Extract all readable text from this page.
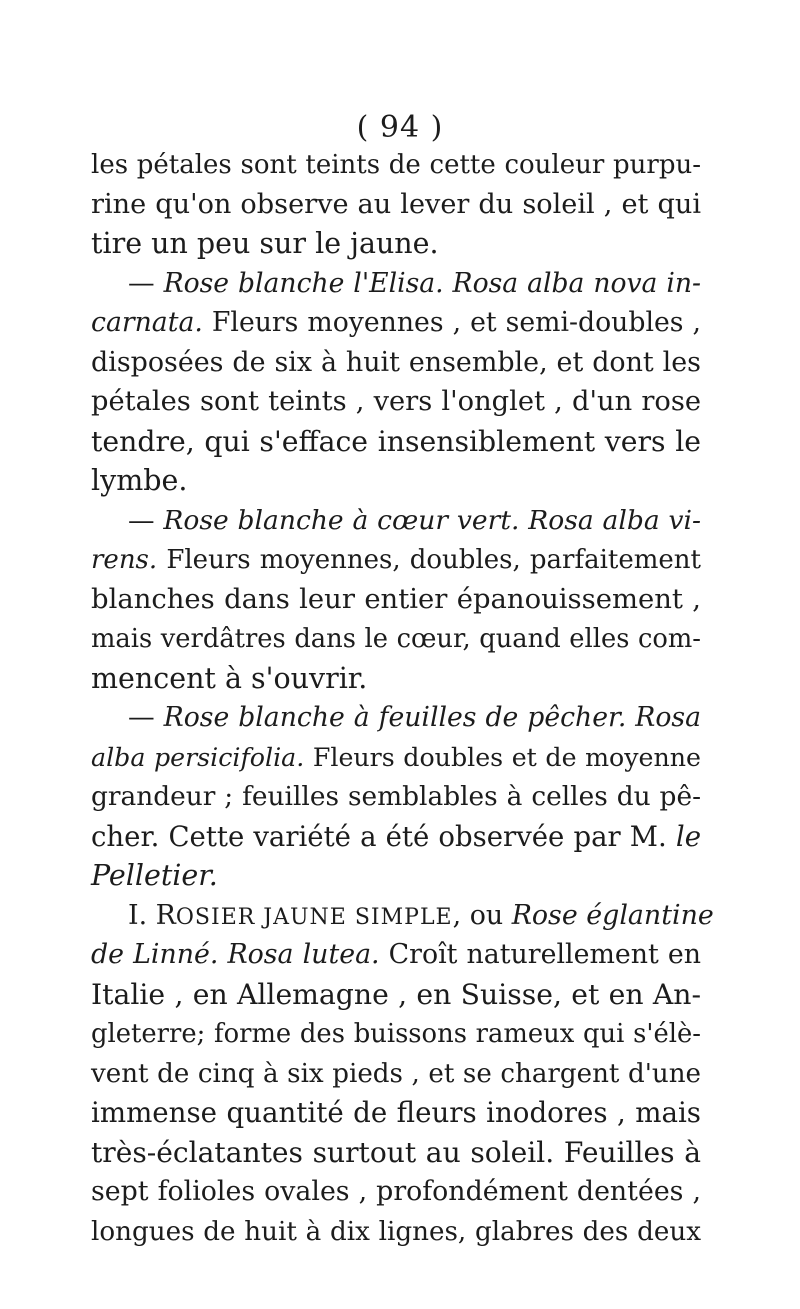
( 94 )
les pétales sont teints de cette couleur purpu-
rine qu'on observe au lever du soleil , et qui
tire un peu sur le jaune.
— Rose blanche l'Elisa. Rosa alba nova in-
carnata. Fleurs moyennes , et semi-doubles ,
disposées de six à huit ensemble, et dont les
pétales sont teints , vers l'onglet , d'un rose
tendre, qui s'efface insensiblement vers le
lymbe.
— Rose blanche à cœur vert. Rosa alba vi-
rens. Fleurs moyennes, doubles, parfaitement
blanches dans leur entier épanouissement ,
mais verdâtres dans le cœur, quand elles com-
mencent à s'ouvrir.
— Rose blanche à feuilles de pêcher. Rosa
alba persicifolia. Fleurs doubles et de moyenne
grandeur ; feuilles semblables à celles du pê-
cher. Cette variété a été observée par M. le
Pelletier.
I. ROSIER JAUNE SIMPLE, ou Rose églantine
de Linné. Rosa lutea. Croît naturellement en
Italie , en Allemagne , en Suisse, et en An-
gleterre; forme des buissons rameux qui s'élè-
vent de cinq à six pieds , et se chargent d'une
immense quantité de fleurs inodores , mais
très-éclatantes surtout au soleil. Feuilles à
sept folioles ovales , profondément dentées ,
longues de huit à dix lignes, glabres des deux
